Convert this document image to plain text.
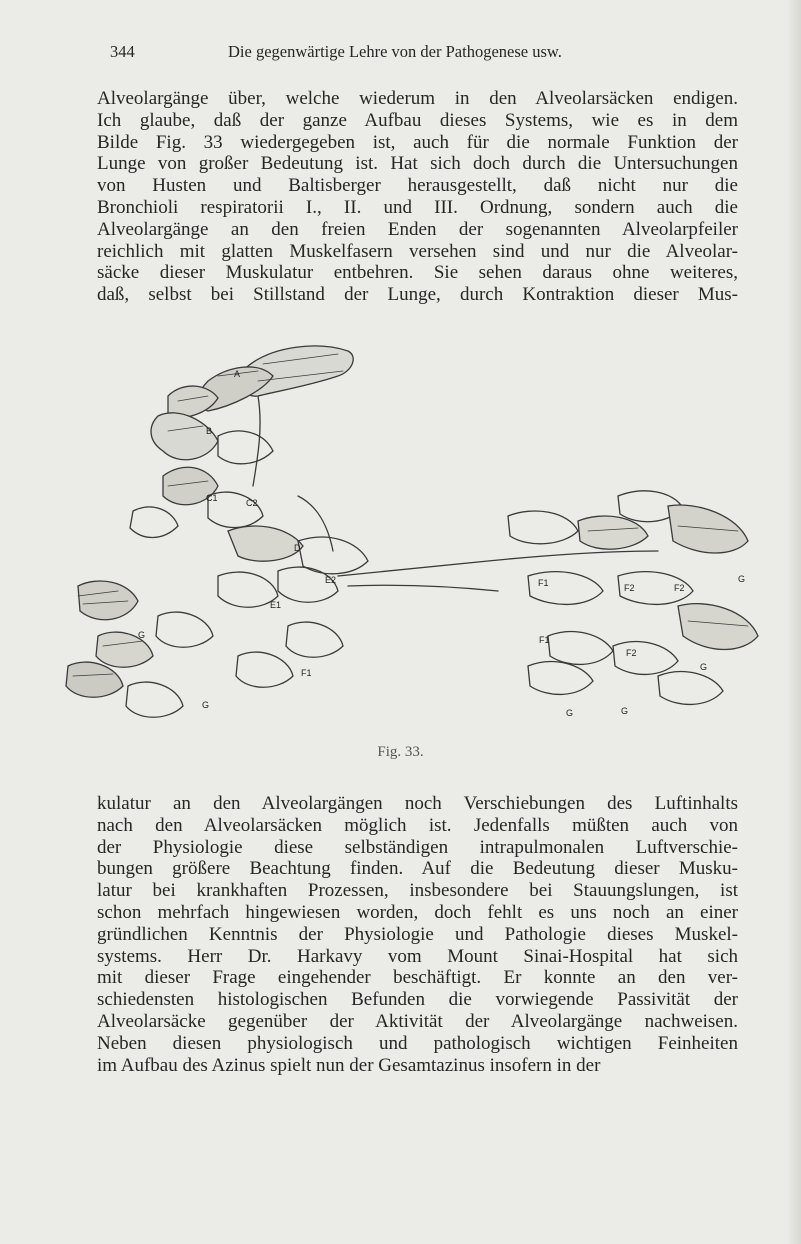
344	Die gegenwärtige Lehre von der Pathogenese usw.

Alveolargänge über, welche wiederum in den Alveolarsäcken endigen.
Ich glaube, daß der ganze Aufbau dieses Systems, wie es in dem
Bilde Fig. 33 wiedergegeben ist, auch für die normale Funktion der
Lunge von großer Bedeutung ist. Hat sich doch durch die Untersuchungen
von Husten und Baltisberger herausgestellt, daß nicht nur die
Bronchioli respiratorii I., II. und III. Ordnung, sondern auch die
Alveolargänge an den freien Enden der sogenannten Alveolarpfeiler
reichlich mit glatten Muskelfasern versehen sind und nur die Alveolar-
säcke dieser Muskulatur entbehren. Sie sehen daraus ohne weiteres,
daß, selbst bei Stillstand der Lunge, durch Kontraktion dieser Mus-

A
B
C1	C2
D
E1
E2
F1
F2
G
G
F1
F1
F2
F2
G
G	G
G
Fig. 33.

kulatur an den Alveolargängen noch Verschiebungen des Luftinhalts
nach den Alveolarsäcken möglich ist. Jedenfalls müßten auch von
der Physiologie diese selbständigen intrapulmonalen Luftverschie-
bungen größere Beachtung finden. Auf die Bedeutung dieser Musku-
latur bei krankhaften Prozessen, insbesondere bei Stauungslungen, ist
schon mehrfach hingewiesen worden, doch fehlt es uns noch an einer
gründlichen Kenntnis der Physiologie und Pathologie dieses Muskel-
systems. Herr Dr. Harkavy vom Mount Sinai-Hospital hat sich
mit dieser Frage eingehender beschäftigt. Er konnte an den ver-
schiedensten histologischen Befunden die vorwiegende Passivität der
Alveolarsäcke gegenüber der Aktivität der Alveolargänge nachweisen.
Neben diesen physiologisch und pathologisch wichtigen Feinheiten
im Aufbau des Azinus spielt nun der Gesamtazinus insofern in der
